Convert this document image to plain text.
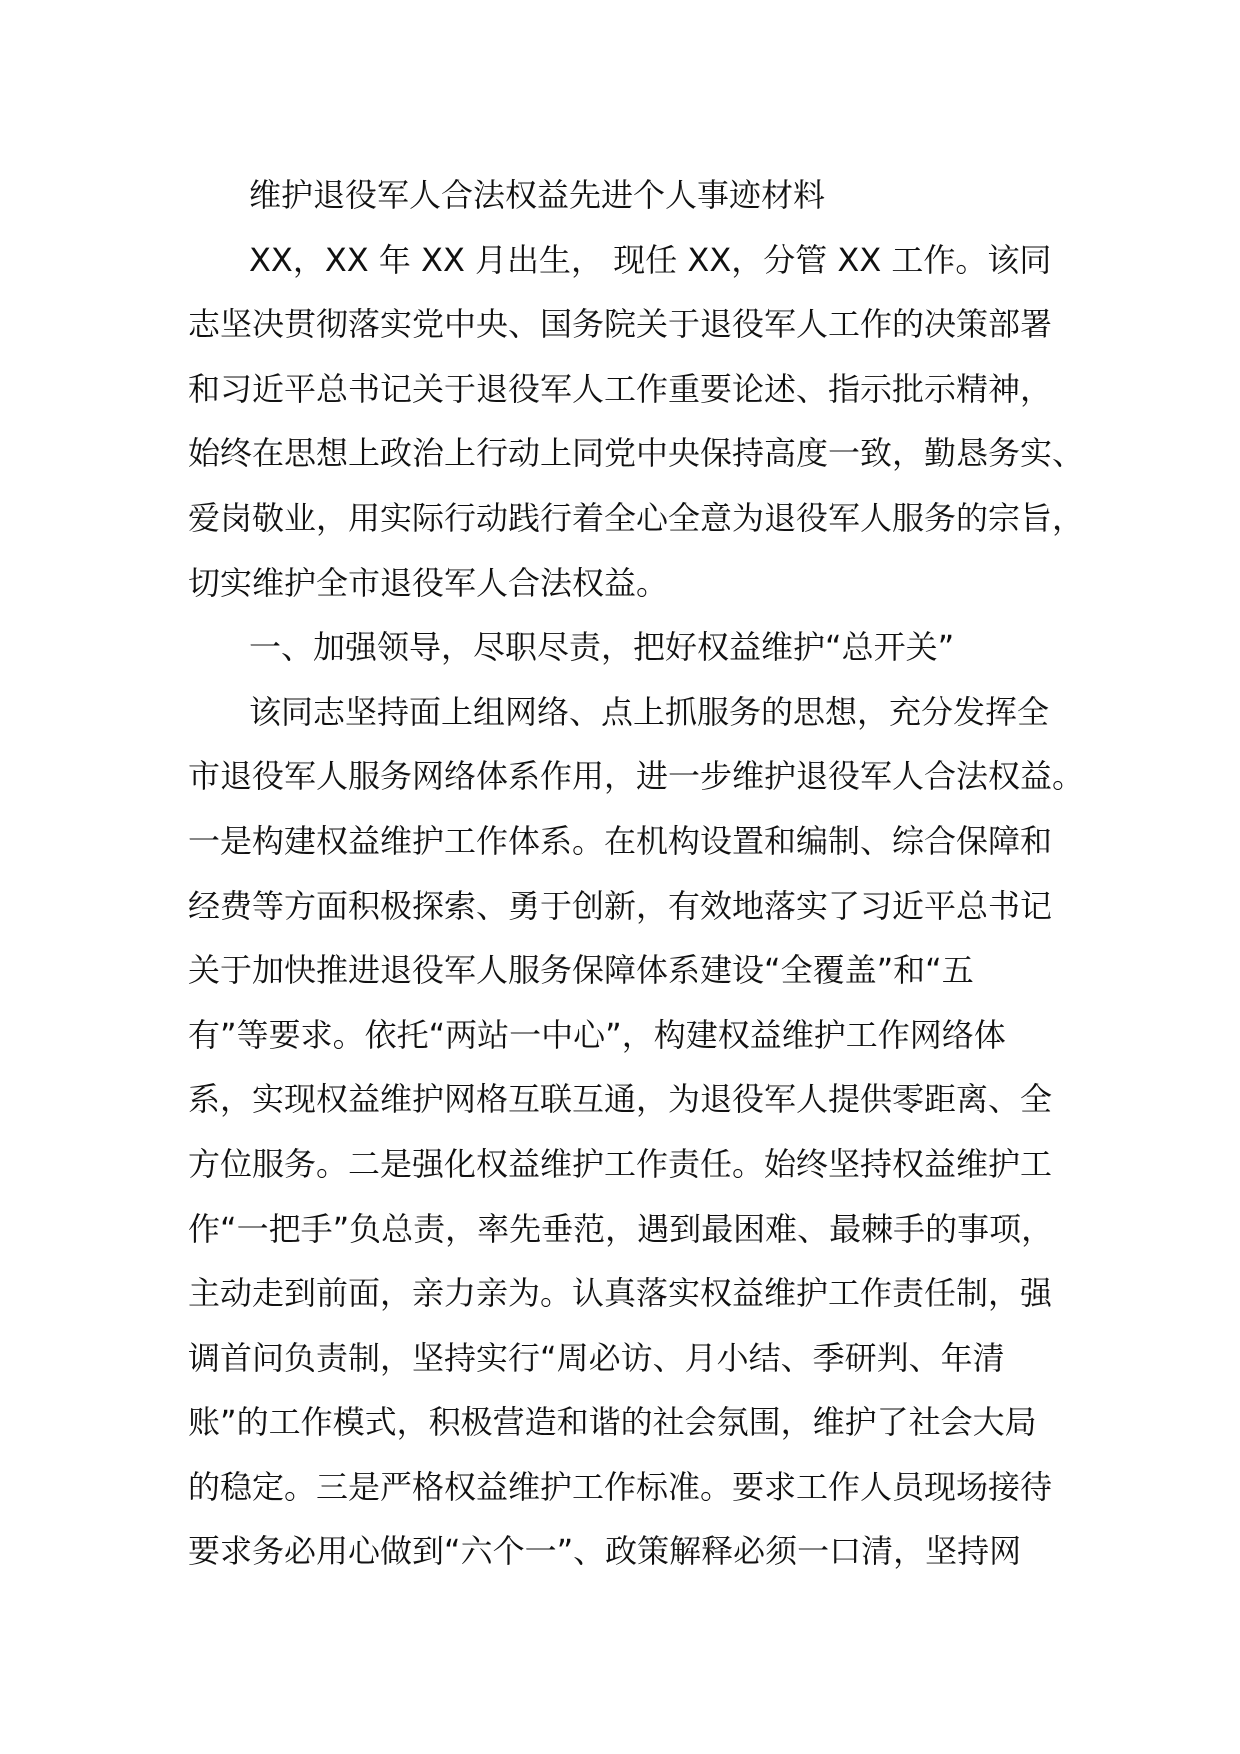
维护退役军人合法权益先进个人事迹材料
XX，XX 年 XX 月出生， 现任 XX，分管 XX 工作。该同
志坚决贯彻落实党中央、国务院关于退役军人工作的决策部署
和习近平总书记关于退役军人工作重要论述、指示批示精神，
始终在思想上政治上行动上同党中央保持高度一致，勤恳务实、
爱岗敬业，用实际行动践行着全心全意为退役军人服务的宗旨，
切实维护全市退役军人合法权益。
一、加强领导，尽职尽责，把好权益维护“总开关”
该同志坚持面上组网络、点上抓服务的思想，充分发挥全
市退役军人服务网络体系作用，进一步维护退役军人合法权益。
一是构建权益维护工作体系。在机构设置和编制、综合保障和
经费等方面积极探索、勇于创新，有效地落实了习近平总书记
关于加快推进退役军人服务保障体系建设“全覆盖”和“五
有”等要求。依托“两站一中心”，构建权益维护工作网络体
系，实现权益维护网格互联互通，为退役军人提供零距离、全
方位服务。二是强化权益维护工作责任。始终坚持权益维护工
作“一把手”负总责，率先垂范，遇到最困难、最棘手的事项，
主动走到前面，亲力亲为。认真落实权益维护工作责任制，强
调首问负责制，坚持实行“周必访、月小结、季研判、年清
账”的工作模式，积极营造和谐的社会氛围，维护了社会大局
的稳定。三是严格权益维护工作标准。要求工作人员现场接待
要求务必用心做到“六个一”、政策解释必须一口清，坚持网
